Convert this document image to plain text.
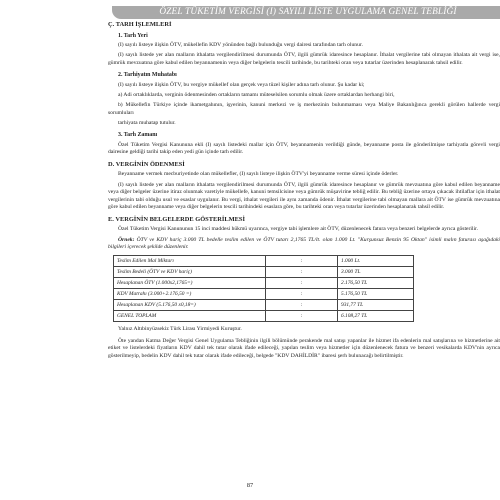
ÖZEL TÜKETİM VERGİSİ (I) SAYILI LİSTE UYGULAMA GENEL TEBLİĞİ
Ç. TARH İŞLEMLERİ
1. Tarh Yeri

(I) sayılı listeye ilişkin ÖTV, mükellefin KDV yönünden bağlı bulunduğu vergi dairesi tarafından tarh olunur.

(I) sayılı listede yer alan malların ithalatta vergilendirilmesi durumunda ÖTV, ilgili gümrük idaresince hesaplanır. İthalat vergilerine tabi olmayan ithalata ait vergi ise, gümrük mevzuatına göre kabul edilen beyannamenin veya diğer belgelerin tescili tarihinde, bu tarihteki oran veya tutarlar üzerinden hesaplanarak tahsil edilir.

2. Tarhiyatın Muhatabı

(I) sayılı listeye ilişkin ÖTV, bu vergiye mükellef olan gerçek veya tüzel kişiler adına tarh olunur. Şu kadar ki;

a) Adi ortaklıklarda, verginin ödenmesinden ortakların tamamı müteselsilen sorumlu olmak üzere ortaklardan herhangi biri,

b) Mükellefin Türkiye içinde ikametgahının, işyerinin, kanuni merkezi ve iş merkezinin bulunmaması veya Maliye Bakanlığınca gerekli görülen hallerde vergi sorumluları

tarhiyata muhatap tutulur.

3. Tarh Zamanı

Özel Tüketim Vergisi Kanununa ekli (I) sayılı listedeki mallar için ÖTV, beyannamenin verildiği günde, beyanname posta ile gönderilmişse tarhiyatla görevli vergi dairesine geldiği tarihi takip eden yedi gün içinde tarh edilir.

D. VERGİNİN ÖDENMESİ

Beyanname vermek mecburiyetinde olan mükellefler, (I) sayılı listeye ilişkin ÖTV'yi beyanname verme süresi içinde öderler.

(I) sayılı listede yer alan malların ithalatta vergilendirilmesi durumunda ÖTV, ilgili gümrük idaresince hesaplanır ve gümrük mevzuatına göre kabul edilen beyanname veya diğer belgeler üzerine itiraz olunmak varetiyle mükellefe, kanuni temsilcisine veya gümrük müşavirine tebliğ edilir. Bu tebliğ üzerine ortaya çıkacak ihtilaflar için ithalat vergilerinin tabi olduğu usul ve esaslar uygulanır. Bu vergi, ithalat vergileri ile aynı zamanda ödenir. İthalat vergilerine tabi olmayan mallara ait ÖTV ise gümrük mevzuatına göre kabul edilen beyanname veya diğer belgelerin tescili tarihindeki esaslara göre, bu tarihteki oran veya tutarlar üzerinden hesaplanarak tahsil edilir.

E. VERGİNİN BELGELERDE GÖSTERİLMESİ

Özel Tüketim Vergisi Kanununun 15 inci maddesi hükmü uyarınca, vergiye tabi işlemlere ait ÖTV, düzenlenecek fatura veya benzeri belgelerde ayrıca gösterilir.

Örnek: ÖTV ve KDV hariç 3.000 TL bedelle teslim edilen ve ÖTV tutarı 2,1765 TL/lt. olan 1.000 Lt. "Kurşunsuz Benzin 95 Oktan" isimli malın faturası aşağıdaki bilgileri içerecek şekilde düzenlenir.

Teslim Edilen Mal Miktarı	:	1.000 Lt.
Teslim Bedeli (ÖTV ve KDV hariç)	:	3.000 TL
Hesaplanan ÖTV (1.000x2,1765=)	:	2.176,50 TL
KDV Matrahı (3.000+2.176,50 =)	:	5.176,50 TL
Hesaplanan KDV (5.176,50 x0,18=)	:	931,77 TL
GENEL TOPLAM	:	6.108,27 TL

Yalnız Altıbinyüzsekiz Türk Lirası Yirmiyedi Kuruştur.

Öte yandan Katma Değer Vergisi Genel Uygulama Tebliğinin ilgili bölümünde perakende mal satışı yapanlar ile hizmet ifa edenlerin mal satışlarına ve hizmetlerine ait etiket ve listelerdeki fiyatların KDV dahil tek tutar olarak ifade edileceği, yapılan teslim veya hizmetler için düzenlenecek fatura ve benzeri vesikalarda KDV'nin ayrıca gösterilmeyip, bedelin KDV dahil tek tutar olarak ifade edileceği, belgede "KDV DAHİLDİR" ibaresi şerh bulunacağı belirtilmiştir.

87
